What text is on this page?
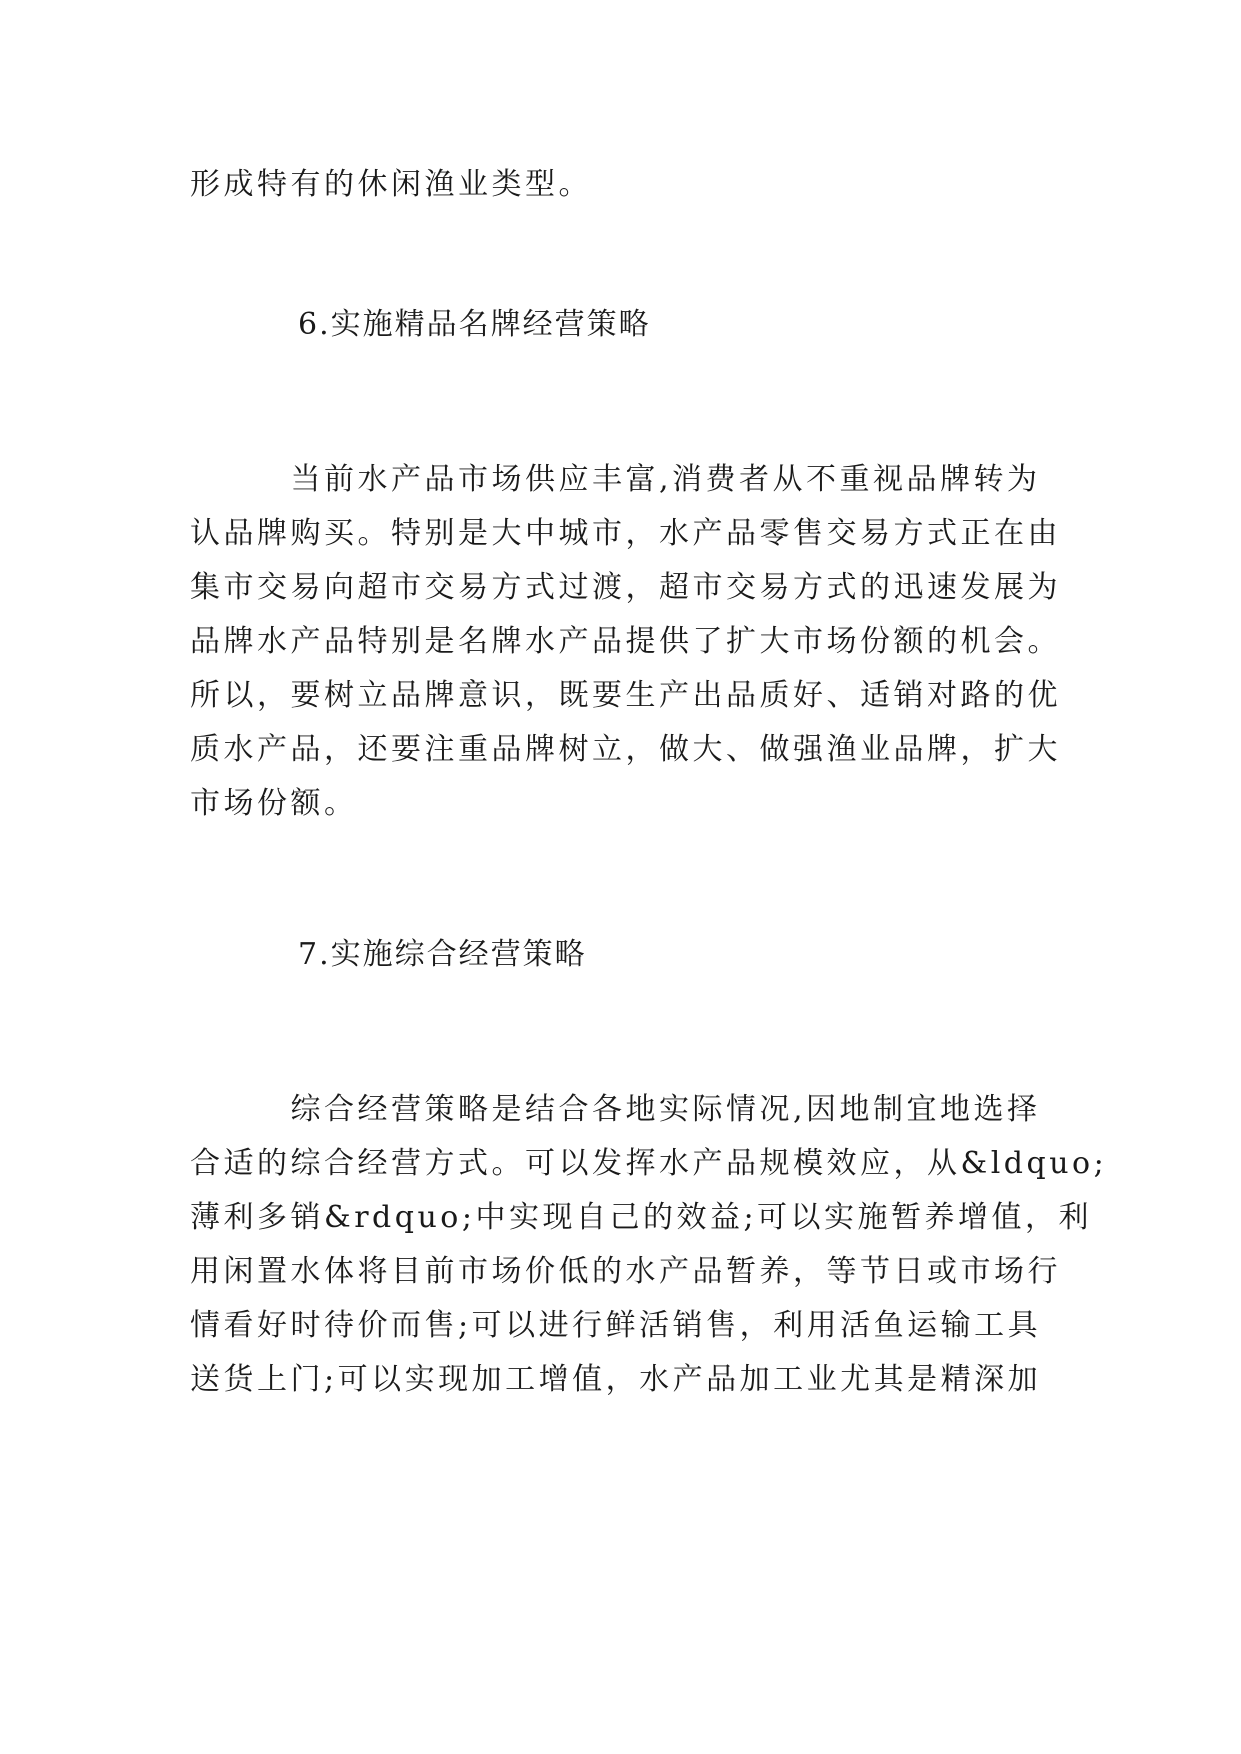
形成特有的休闲渔业类型。
6.实施精品名牌经营策略
　　　当前水产品市场供应丰富,消费者从不重视品牌转为
认品牌购买。特别是大中城市，水产品零售交易方式正在由
集市交易向超市交易方式过渡，超市交易方式的迅速发展为
品牌水产品特别是名牌水产品提供了扩大市场份额的机会。
所以，要树立品牌意识，既要生产出品质好、适销对路的优
质水产品，还要注重品牌树立，做大、做强渔业品牌，扩大
市场份额。
7.实施综合经营策略
　　　综合经营策略是结合各地实际情况,因地制宜地选择
合适的综合经营方式。可以发挥水产品规模效应，从&ldquo;
薄利多销&rdquo;中实现自己的效益;可以实施暂养增值，利
用闲置水体将目前市场价低的水产品暂养，等节日或市场行
情看好时待价而售;可以进行鲜活销售，利用活鱼运输工具
送货上门;可以实现加工增值，水产品加工业尤其是精深加
